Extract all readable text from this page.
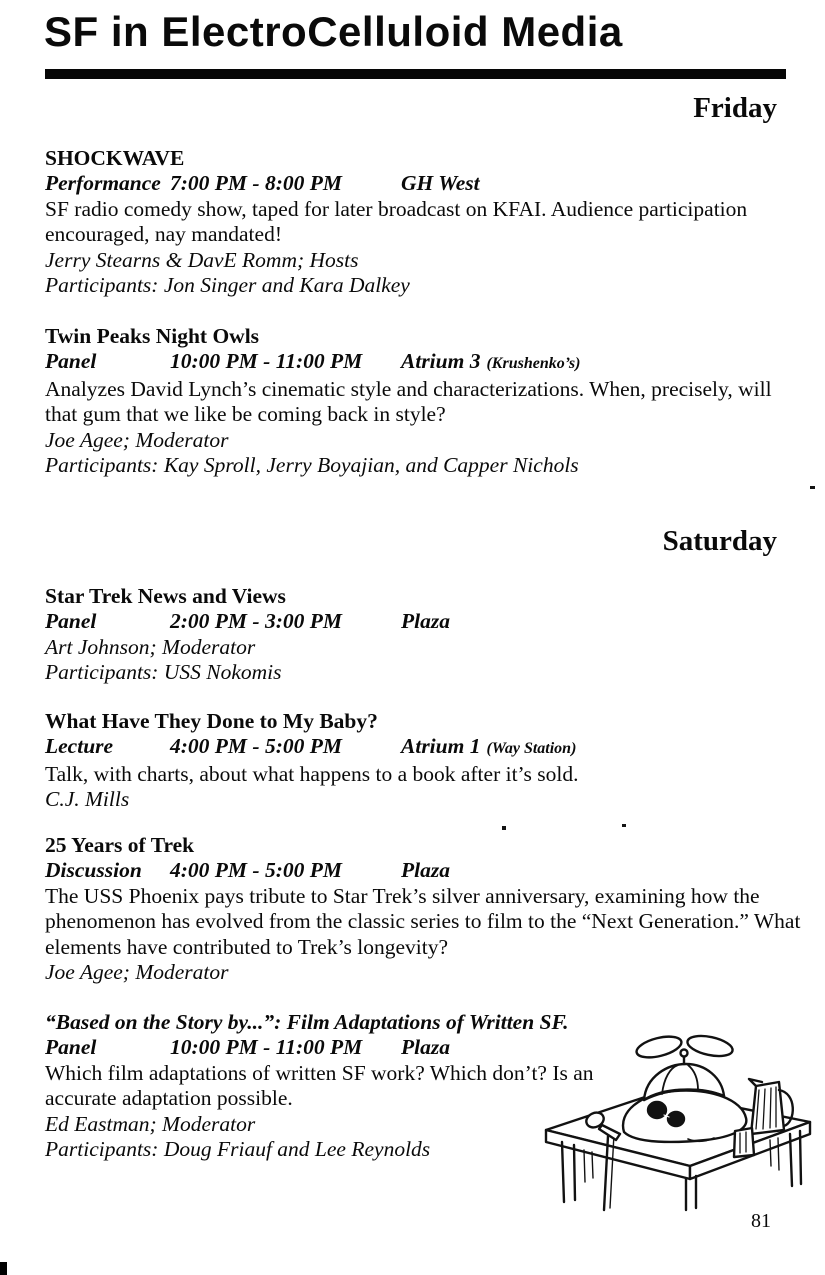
SF in ElectroCelluloid Media
Friday
Saturday
SHOCKWAVE
Performance 7:00 PM - 8:00 PM	GH West

SF radio comedy show, taped for later broadcast on KFAI. Audience participation encouraged, nay mandated!

Jerry Stearns & DavE Romm; Hosts

Participants: Jon Singer and Kara Dalkey

Twin Peaks Night Owls
Panel	10:00 PM - 11:00 PM	Atrium 3 (Krushenko’s)

Analyzes David Lynch’s cinematic style and characterizations. When, precisely, will that gum that we like be coming back in style?

Joe Agee; Moderator

Participants: Kay Sproll, Jerry Boyajian, and Capper Nichols

Star Trek News and Views
Panel	2:00 PM - 3:00 PM	Plaza

Art Johnson; Moderator

Participants: USS Nokomis

What Have They Done to My Baby?
Lecture	4:00 PM - 5:00 PM	Atrium 1 (Way Station)

Talk, with charts, about what happens to a book after it’s sold.

C.J. Mills

25 Years of Trek
Discussion	4:00 PM - 5:00 PM	Plaza

The USS Phoenix pays tribute to Star Trek’s silver anniversary, examining how the phenomenon has evolved from the classic series to film to the “Next Generation.” What elements have contributed to Trek’s longevity?

Joe Agee; Moderator

“Based on the Story by...”: Film Adaptations of Written SF.
Panel	10:00 PM - 11:00 PM	Plaza

Which film adaptations of written SF work? Which don’t? Is an accurate adaptation possible.

Ed Eastman; Moderator

Participants: Doug Friauf and Lee Reynolds

81
